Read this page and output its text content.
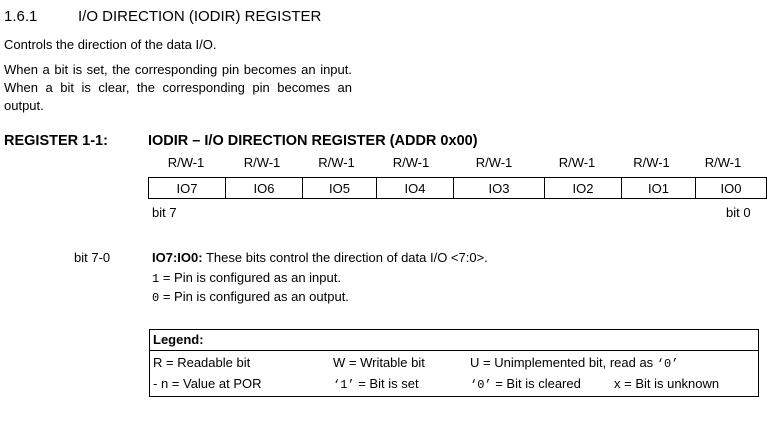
1.6.1	I/O DIRECTION (IODIR) REGISTER
Controls the direction of the data I/O.
When a bit is set, the corresponding pin becomes an input. When a bit is clear, the corresponding pin becomes an output.
REGISTER 1-1:	IODIR – I/O DIRECTION REGISTER (ADDR 0x00)
R/W-1	R/W-1	R/W-1	R/W-1	R/W-1	R/W-1	R/W-1	R/W-1
IO7	IO6	IO5	IO4	IO3	IO2	IO1	IO0
bit 7	bit 0
bit 7-0	IO7:IO0: These bits control the direction of data I/O <7:0>.
1 = Pin is configured as an input.
0 = Pin is configured as an output.
Legend:
R = Readable bit	W = Writable bit	U = Unimplemented bit, read as ‘0’
- n = Value at POR	‘1’ = Bit is set	‘0’ = Bit is cleared	x = Bit is unknown
